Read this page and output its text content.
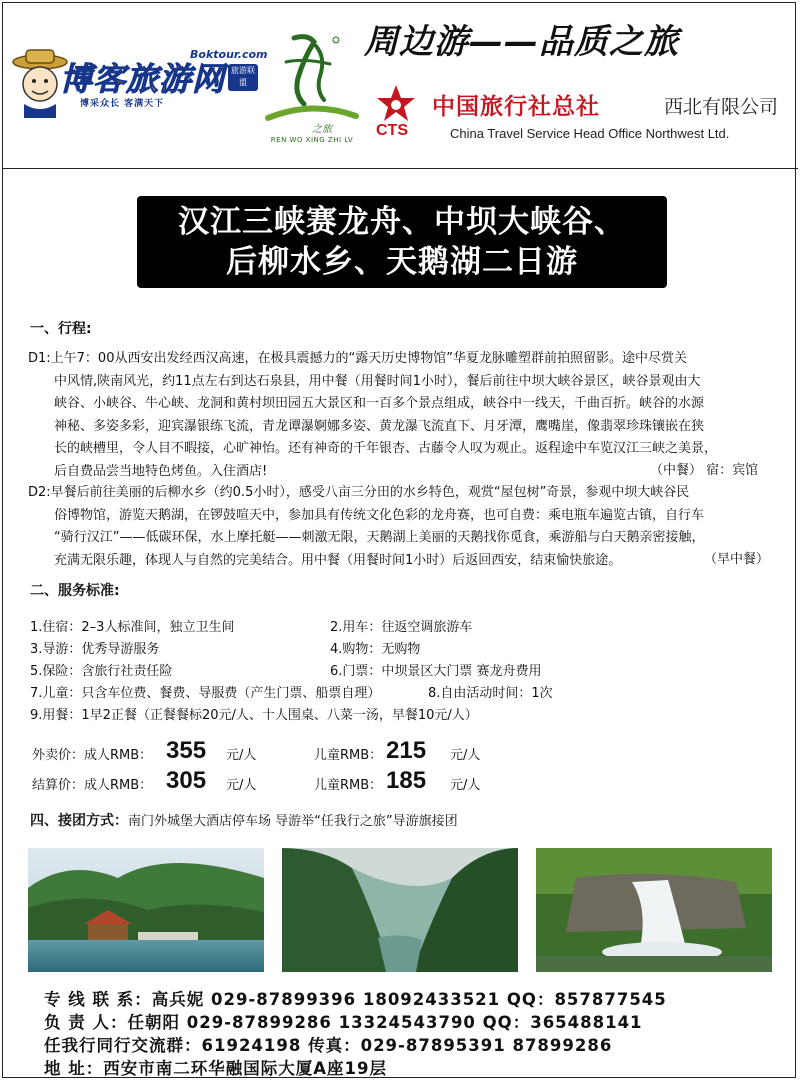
博客旅游网
Boktour.com
博采众长 客满天下
旅游联盟
之旅
REN WO XING ZHI LV
周边游——品质之旅
CTS
中国旅行社总社	西北有限公司
China Travel Service Head Office Northwest Ltd.
汉江三峡赛龙舟、中坝大峡谷、
后柳水乡、天鹅湖二日游
一、行程:

D1:上午7：00从西安出发经西汉高速，在极具震撼力的“露天历史博物馆”华夏龙脉雕塑群前拍照留影。途中尽赏关

中风情,陕南风光，约11点左右到达石泉县，用中餐（用餐时间1小时），餐后前往中坝大峡谷景区，峡谷景观由大

峡谷、小峡谷、牛心峡、龙洞和黄村坝田园五大景区和一百多个景点组成，峡谷中一线天，千曲百折。峡谷的水源

神秘、多姿多彩，迎宾瀑银练飞流，青龙谭瀑婀娜多姿、黄龙瀑飞流直下、月牙潭，鹰嘴崖，像翡翠珍珠镶嵌在狭

长的峡槽里，令人目不暇接，心旷神怡。还有神奇的千年银杏、古藤令人叹为观止。返程途中车览汉江三峡之美景，

后自费品尝当地特色烤鱼。入住酒店!	（中餐） 宿：宾馆

D2:早餐后前往美丽的后柳水乡（约0.5小时），感受八亩三分田的水乡特色，观赏“屋包树”奇景，参观中坝大峡谷民

俗博物馆，游览天鹅湖，在锣鼓喧天中，参加具有传统文化色彩的龙舟赛，也可自费：乘电瓶车遍览古镇，自行车

“骑行汉江”——低碳环保，水上摩托艇——刺激无限，天鹅湖上美丽的天鹅找你觅食，乘游船与白天鹅亲密接触，

充满无限乐趣，体现人与自然的完美结合。用中餐（用餐时间1小时）后返回西安，结束愉快旅途。	（早中餐）
二、服务标准:
1.住宿：2–3人标准间，独立卫生间	2.用车：往返空调旅游车
3.导游：优秀导游服务	4.购物：无购物
5.保险：含旅行社责任险	6.门票：中坝景区大门票 赛龙舟费用
7.儿童：只含车位费、餐费、导服费（产生门票、船票自理）	8.自由活动时间：1次
9.用餐：1早2正餐（正餐餐标20元/人、十人围桌、八菜一汤，早餐10元/人）
外卖价：成人RMB： 355 元/人	儿童RMB： 215 元/人
结算价：成人RMB： 305 元/人	儿童RMB： 185 元/人
四、接团方式：南门外城堡大酒店停车场 导游举“任我行之旅”导游旗接团
专 线 联 系：高兵妮 029-87899396 18092433521 QQ：857877545
负 责 人：任朝阳 029-87899286 13324543790 QQ：365488141
任我行同行交流群：61924198 传真：029-87895391 87899286
地 址：西安市南二环华融国际大厦A座19层
